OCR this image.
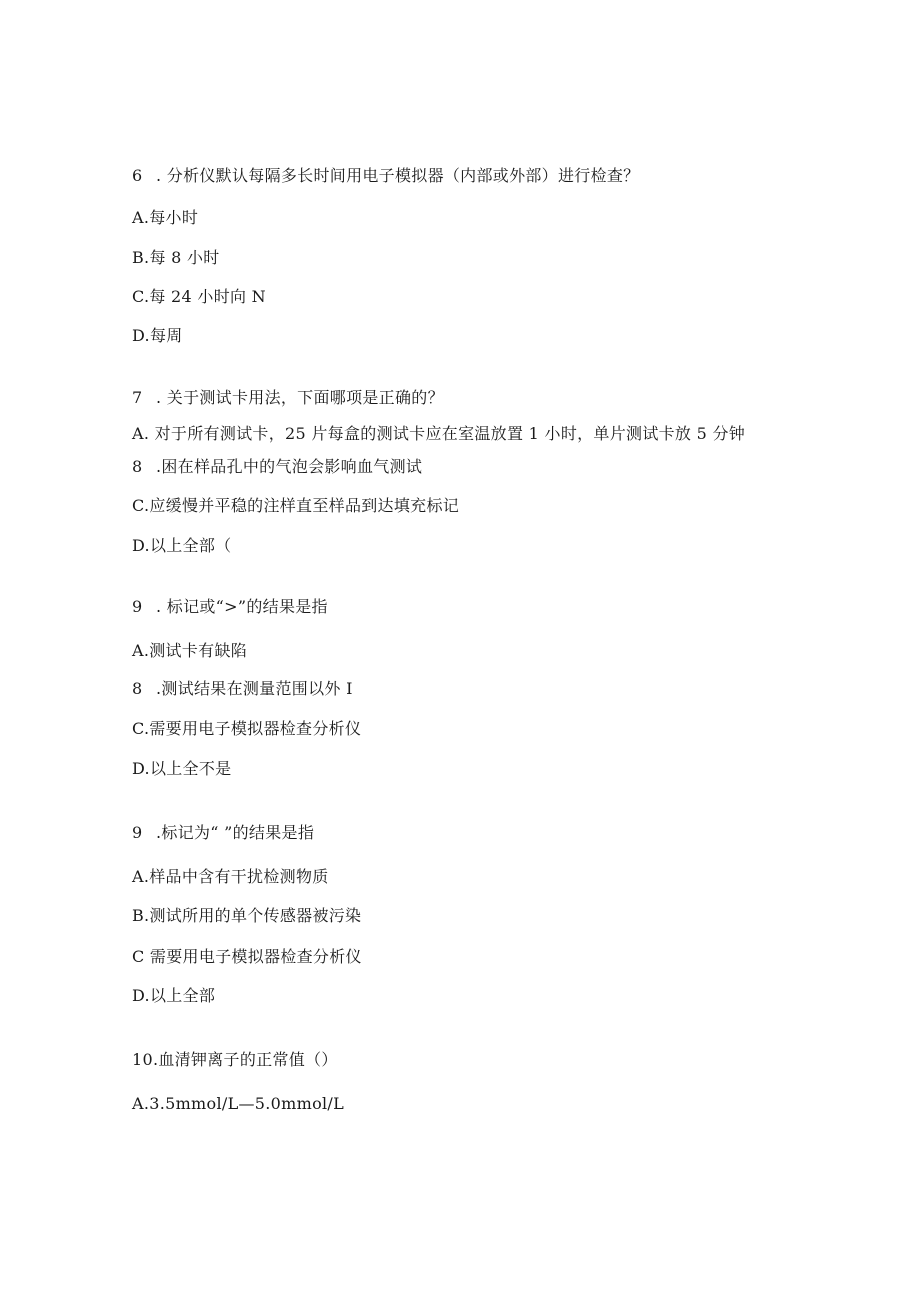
6 . 分析仪默认每隔多长时间用电子模拟器（内部或外部）进行检查？
A.每小时
B.每 8 小时
C.每 24 小时向 N
D.每周
7 . 关于测试卡用法，下面哪项是正确的？
A. 对于所有测试卡，25 片每盒的测试卡应在室温放置 1 小时，单片测试卡放 5 分钟
8 .困在样品孔中的气泡会影响血气测试
C.应缓慢并平稳的注样直至样品到达填充标记
D.以上全部（
9 . 标记或“>”的结果是指
A.测试卡有缺陷
8 .测试结果在测量范围以外 I
C.需要用电子模拟器检查分析仪
D.以上全不是
9 .标记为“ ”的结果是指
A.样品中含有干扰检测物质
B.测试所用的单个传感器被污染
C 需要用电子模拟器检查分析仪
D.以上全部
10.血清钾离子的正常值（）
A.3.5mmol∕L—5.0mmol∕L
